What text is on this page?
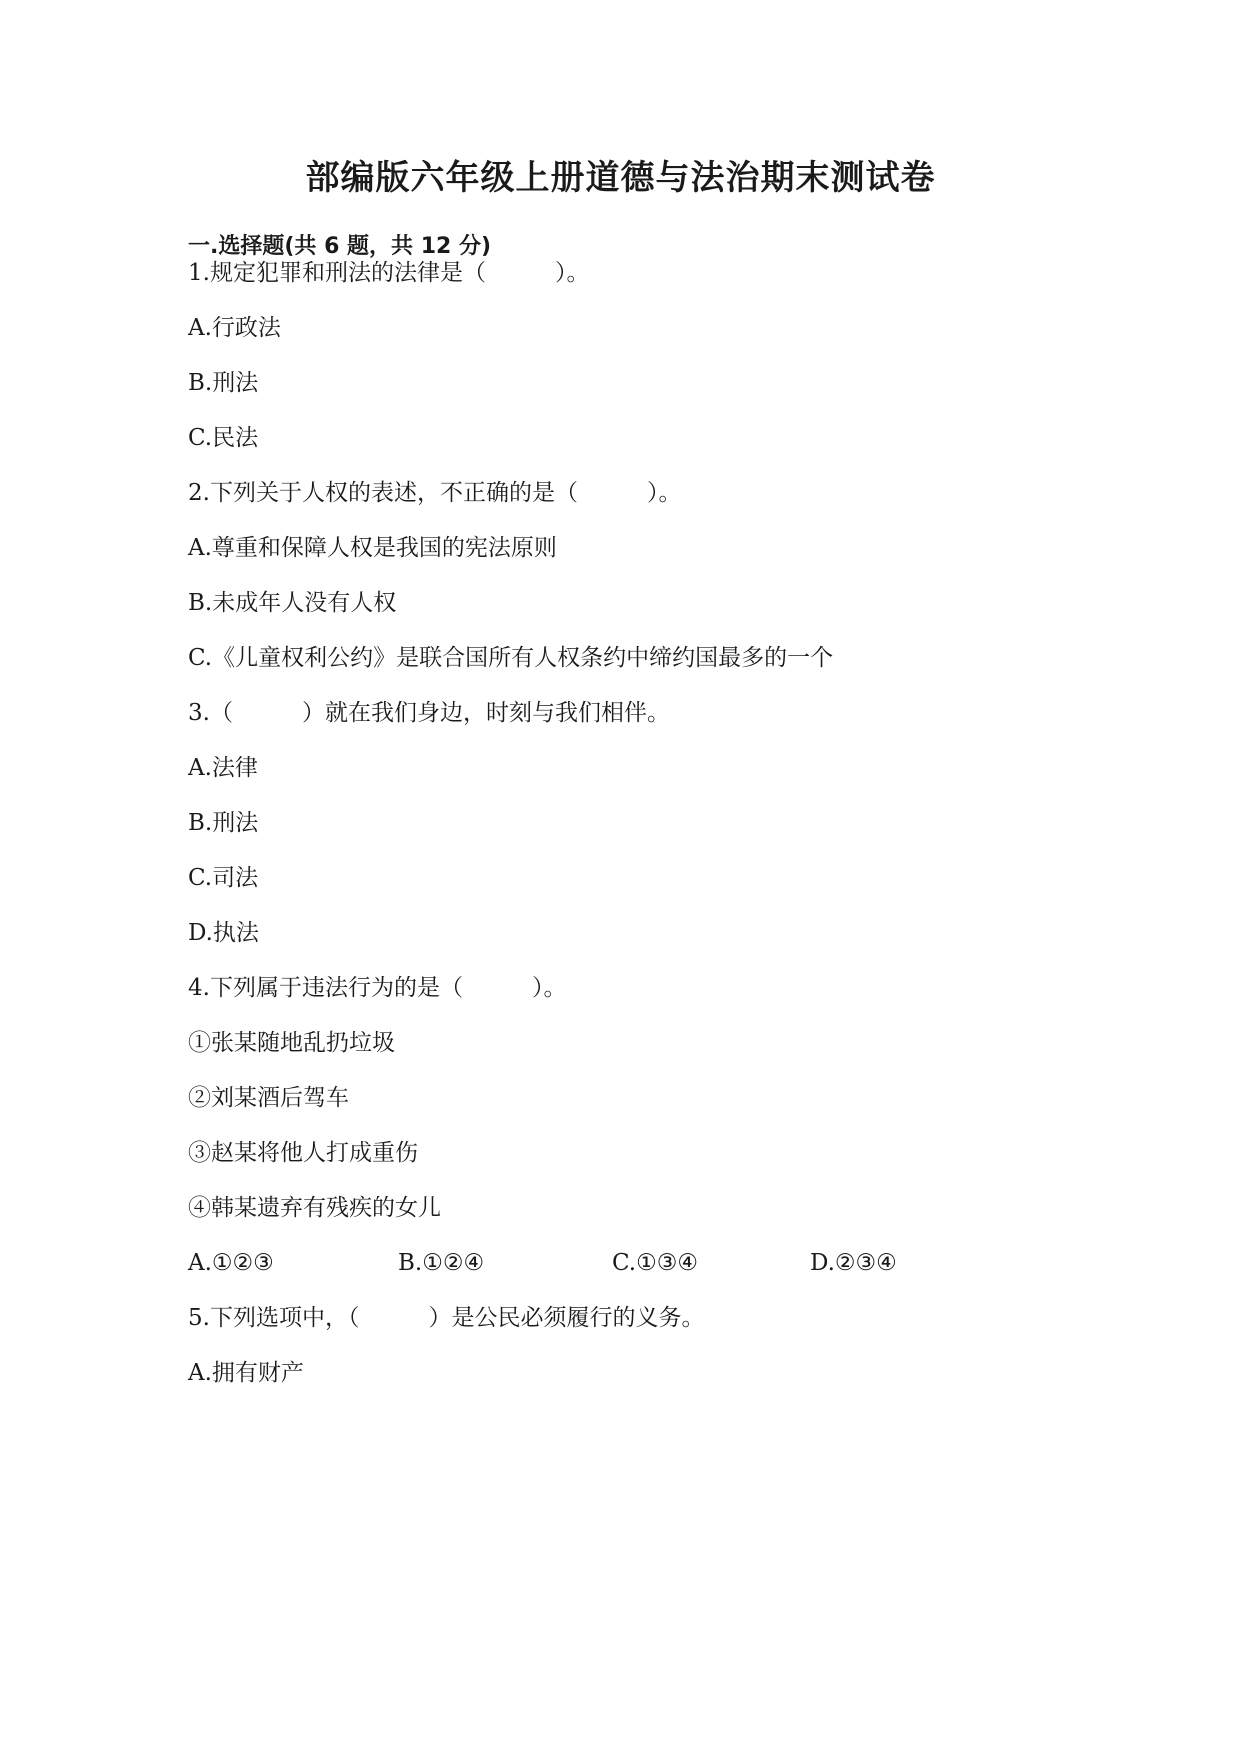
部编版六年级上册道德与法治期末测试卷
一.选择题(共 6 题，共 12 分)
1.规定犯罪和刑法的法律是（　　　）。
A.行政法
B.刑法
C.民法
2.下列关于人权的表述，不正确的是（　　　）。
A.尊重和保障人权是我国的宪法原则
B.未成年人没有人权
C.《儿童权利公约》是联合国所有人权条约中缔约国最多的一个
3.（　　　）就在我们身边，时刻与我们相伴。
A.法律
B.刑法
C.司法
D.执法
4.下列属于违法行为的是（　　　）。
①张某随地乱扔垃圾
②刘某酒后驾车
③赵某将他人打成重伤
④韩某遗弃有残疾的女儿
A.①②③	B.①②④	C.①③④	D.②③④
5.下列选项中，（　　　）是公民必须履行的义务。
A.拥有财产
